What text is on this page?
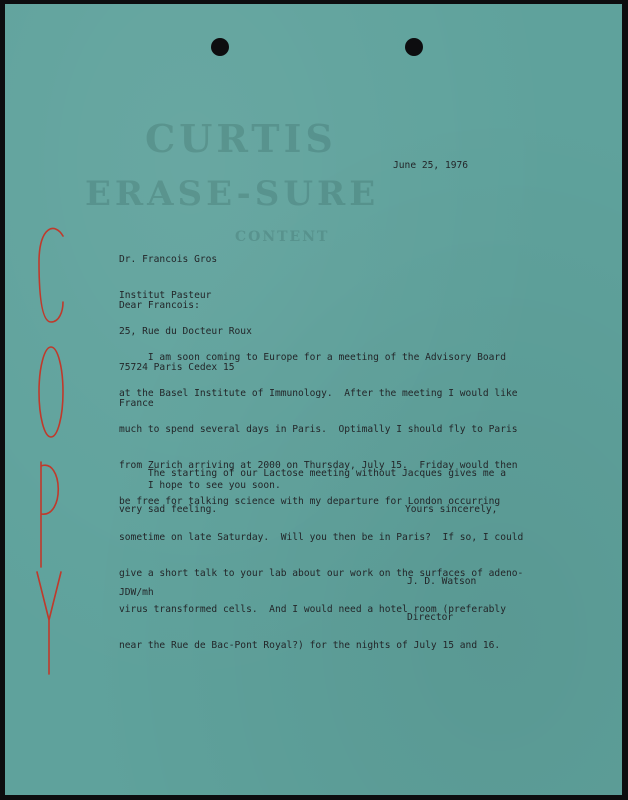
CURTIS
ERASE-SURE
CONTENT
June 25, 1976

Dr. Francois Gros

Institut Pasteur

25, Rue du Docteur Roux

75724 Paris Cedex 15

France

Dear Francois:

I am soon coming to Europe for a meeting of the Advisory Board

at the Basel Institute of Immunology.  After the meeting I would like

much to spend several days in Paris.  Optimally I should fly to Paris

from Zurich arriving at 2000 on Thursday, July 15.  Friday would then

be free for talking science with my departure for London occurring

sometime on late Saturday.  Will you then be in Paris?  If so, I could

give a short talk to your lab about our work on the surfaces of adeno-

virus transformed cells.  And I would need a hotel room (preferably

near the Rue de Bac-Pont Royal?) for the nights of July 15 and 16.

The starting of our Lactose meeting without Jacques gives me a

very sad feeling.

I hope to see you soon.
Yours sincerely,

J. D. Watson

Director

JDW/mh
